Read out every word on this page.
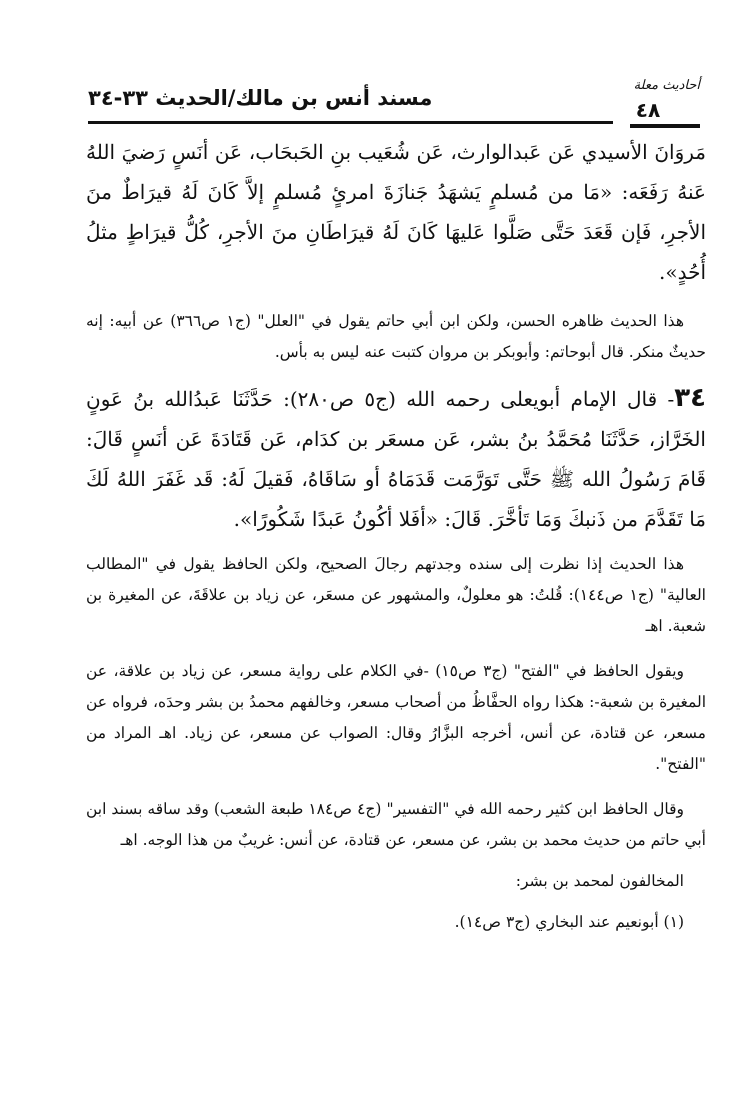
مسند أنس بن مالك/الحديث ٣٣-٣٤
أحاديث معلة
٤٨

مَروَانَ الأسيدي عَن عَبدالوارث، عَن شُعَيب بنِ الحَبحَاب، عَن أنَسٍ رَضيَ اللهُ عَنهُ رَفَعَه: «مَا من مُسلمٍ يَشهَدُ جَنازَةَ امرئٍ مُسلمٍ إلاَّ كَانَ لَهُ قيرَاطٌ منَ الأجرِ، فَإن قَعَدَ حَتَّى صَلَّوا عَليهَا كَانَ لَهُ قيرَاطَانِ منَ الأجرِ، كُلُّ قيرَاطٍ مثلُ أُحُدٍ».

هذا الحديث ظاهره الحسن، ولكن ابن أبي حاتم يقول في "العلل" (ج١ ص٣٦٦) عن أبيه: إنه حديثٌ منكر. قال أبوحاتم: وأبوبكر بن مروان كتبت عنه ليس به بأس.

٣٤- قال الإمام أبويعلى رحمه الله (ج٥ ص٢٨٠): حَدَّثَنَا عَبدُالله بنُ عَونٍ الخَرَّاز، حَدَّثَنَا مُحَمَّدُ بنُ بشر، عَن مسعَر بن كدَام، عَن قَتَادَةَ عَن أنَسٍ قَالَ: قَامَ رَسُولُ الله ﷺ حَتَّى تَوَرَّمَت قَدَمَاهُ أو سَاقَاهُ، فَقيلَ لَهُ: قَد غَفَرَ اللهُ لَكَ مَا تَقَدَّمَ من ذَنبكَ وَمَا تَأخَّرَ. قَالَ: «أفَلا أكُونُ عَبدًا شَكُورًا».

هذا الحديث إذا نظرت إلى سنده وجدتهم رجالَ الصحيح، ولكن الحافظ يقول في "المطالب العالية" (ج١ ص١٤٤): قُلتُ: هو معلولٌ، والمشهور عن مسعَر، عن زياد بن علاقَةَ، عن المغيرة بن شعبة. اهـ

ويقول الحافظ في "الفتح" (ج٣ ص١٥) -في الكلام على رواية مسعر، عن زياد بن علاقة، عن المغيرة بن شعبة-: هكذا رواه الحفَّاظُ من أصحاب مسعر، وخالفهم محمدُ بن بشر وحدَه، فرواه عن مسعر، عن قتادة، عن أنس، أخرجه البزَّارُ وقال: الصواب عن مسعر، عن زياد. اهـ المراد من "الفتح".

وقال الحافظ ابن كثير رحمه الله في "التفسير" (ج٤ ص١٨٤ طبعة الشعب) وقد ساقه بسند ابن أبي حاتم من حديث محمد بن بشر، عن مسعر، عن قتادة، عن أنس: غريبٌ من هذا الوجه. اهـ

المخالفون لمحمد بن بشر:

(١) أبونعيم عند البخاري (ج٣ ص١٤).
